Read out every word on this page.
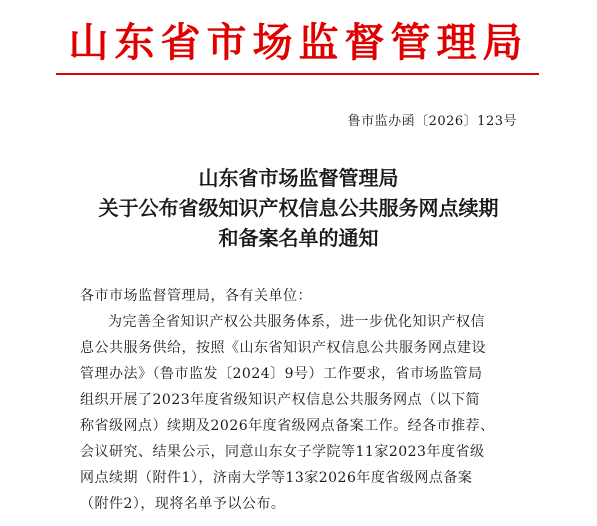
山东省市场监督管理局
鲁市监办函〔2026〕123号
山东省市场监督管理局
关于公布省级知识产权信息公共服务网点续期
和备案名单的通知
各市市场监督管理局，各有关单位：
为完善全省知识产权公共服务体系，进一步优化知识产权信
息公共服务供给，按照《山东省知识产权信息公共服务网点建设
管理办法》（鲁市监发〔2024〕9号）工作要求，省市场监管局
组织开展了2023年度省级知识产权信息公共服务网点（以下简
称省级网点）续期及2026年度省级网点备案工作。经各市推荐、
会议研究、结果公示，同意山东女子学院等11家2023年度省级
网点续期（附件1），济南大学等13家2026年度省级网点备案
（附件2），现将名单予以公布。
